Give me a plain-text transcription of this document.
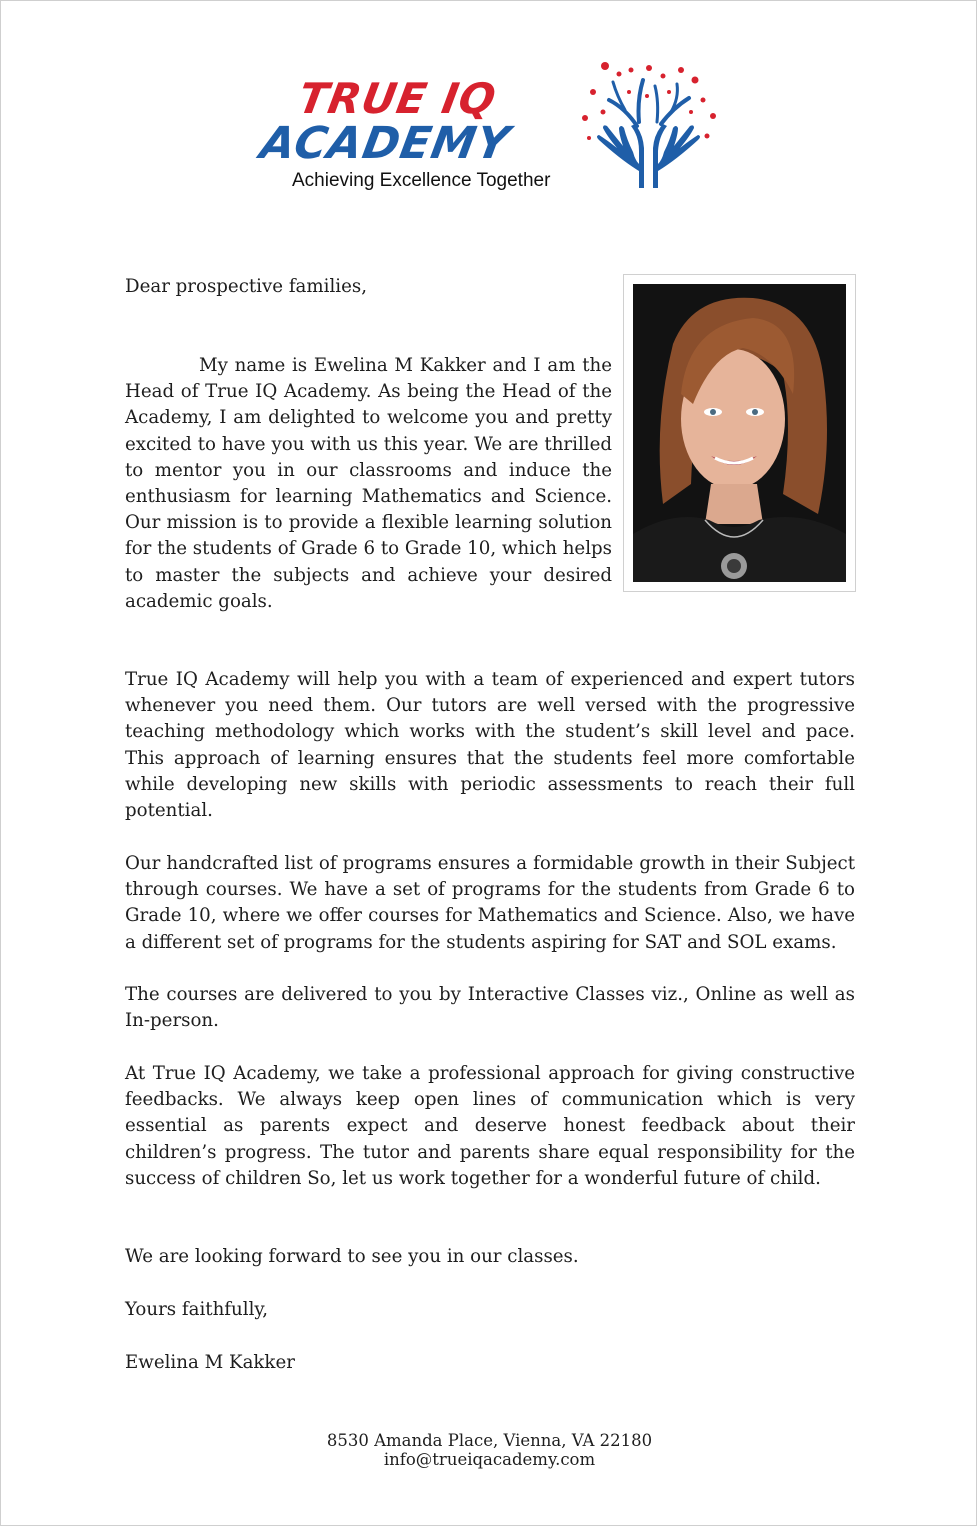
TRUE IQ
ACADEMY
Achieving Excellence Together

Dear prospective families,

My name is Ewelina M Kakker and I am the Head of True IQ Academy. As being the Head of the Academy, I am delighted to welcome you and pretty excited to have you with us this year. We are thrilled to mentor you in our classrooms and induce the enthusiasm for learning Mathematics and Science. Our mission is to provide a flexible learning solution for the students of Grade 6 to Grade 10, which helps to master the subjects and achieve your desired academic goals.

True IQ Academy will help you with a team of experienced and expert tutors whenever you need them. Our tutors are well versed with the progressive teaching methodology which works with the student’s skill level and pace. This approach of learning ensures that the students feel more comfortable while developing new skills with periodic assessments to reach their full potential.

Our handcrafted list of programs ensures a formidable growth in their Subject through courses. We have a set of programs for the students from Grade 6 to Grade 10, where we offer courses for Mathematics and Science. Also, we have a different set of programs for the students aspiring for SAT and SOL exams.

The courses are delivered to you by Interactive Classes viz., Online as well as In-person.

At True IQ Academy, we take a professional approach for giving constructive feedbacks. We always keep open lines of communication which is very essential as parents expect and deserve honest feedback about their children’s progress. The tutor and parents share equal responsibility for the success of children So, let us work together for a wonderful future of child.

We are looking forward to see you in our classes.

Yours faithfully,

Ewelina M Kakker

8530 Amanda Place, Vienna, VA 22180
info@trueiqacademy.com
